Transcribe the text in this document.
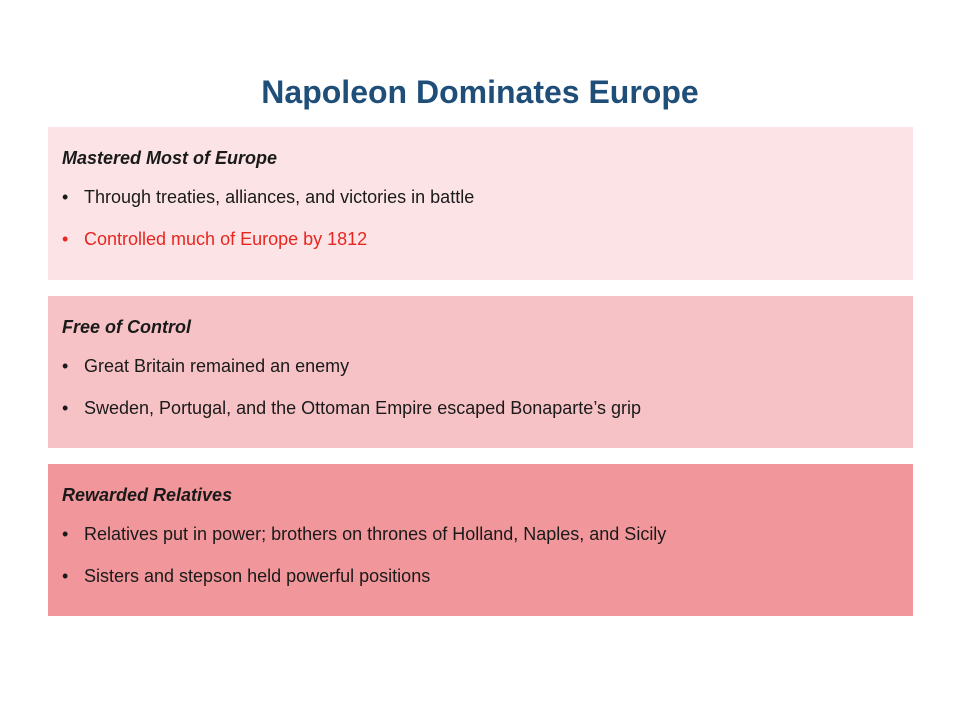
Napoleon Dominates Europe
Mastered Most of Europe
• Through treaties, alliances, and victories in battle
• Controlled much of Europe by 1812
Free of Control
• Great Britain remained an enemy
• Sweden, Portugal, and the Ottoman Empire escaped Bonaparte’s grip
Rewarded Relatives
• Relatives put in power; brothers on thrones of Holland, Naples, and Sicily
• Sisters and stepson held powerful positions
